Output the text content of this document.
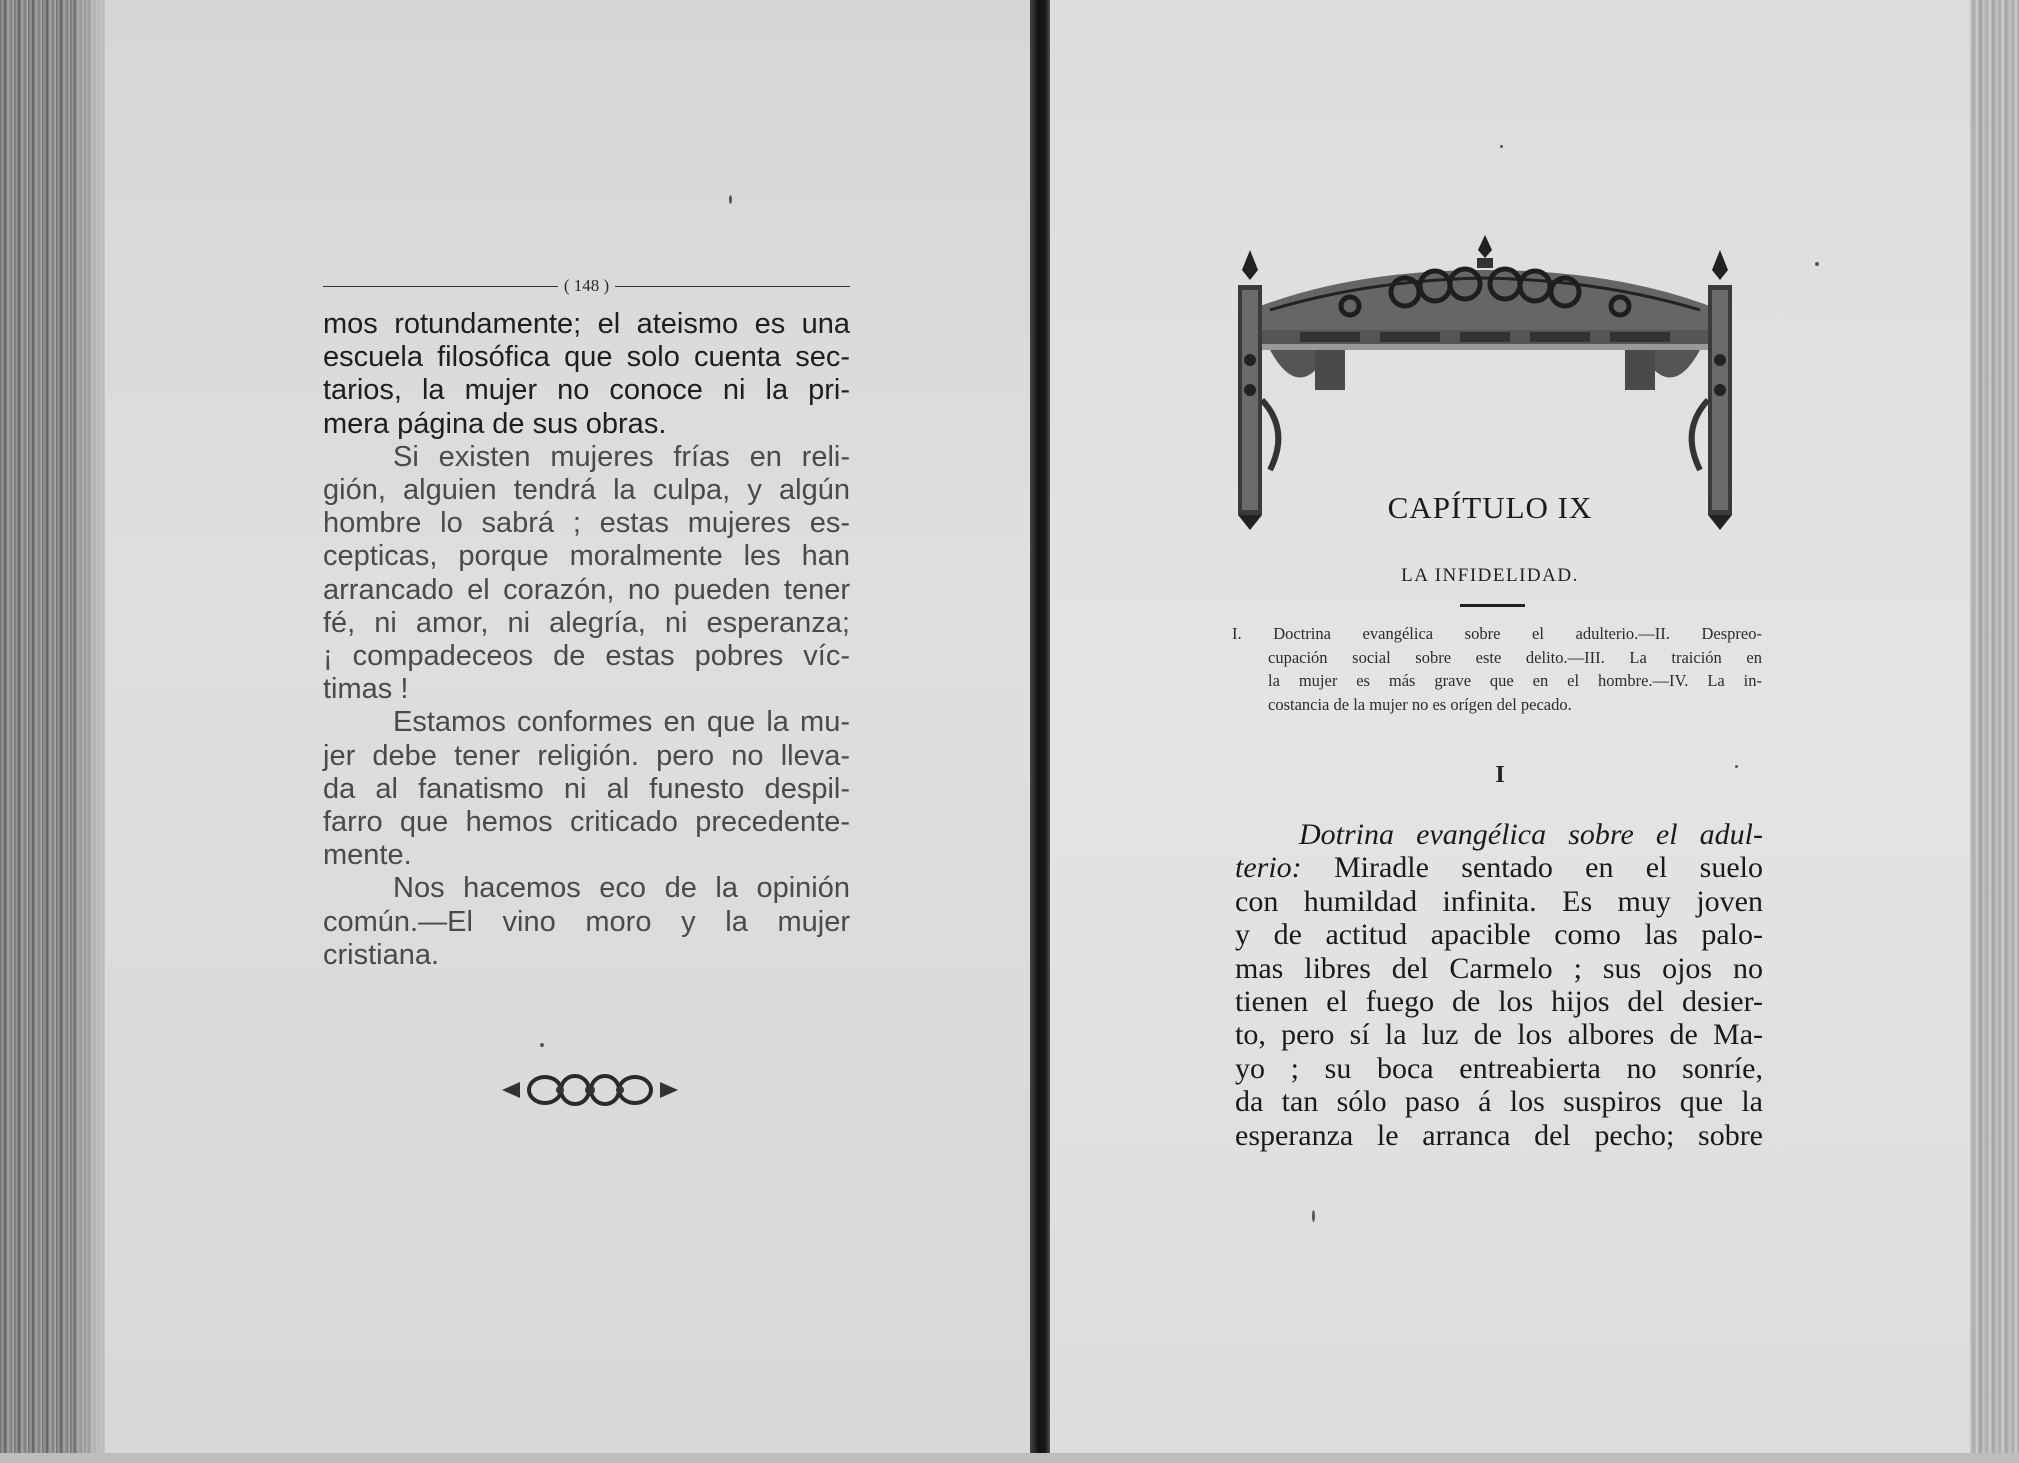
( 148 )
mos rotundamente; el ateismo es una
escuela filosófica que solo cuenta sec-
tarios, la mujer no conoce ni la pri-
mera página de sus obras.
Si existen mujeres frías en reli-
gión, alguien tendrá la culpa, y algún
hombre lo sabrá ; estas mujeres es-
cepticas, porque moralmente les han
arrancado el corazón, no pueden tener
fé, ni amor, ni alegría, ni esperanza;
¡ compadeceos de estas pobres víc-
timas !
Estamos conformes en que la mu-
jer debe tener religión. pero no lleva-
da al fanatismo ni al funesto despil-
farro que hemos criticado precedente-
mente.
Nos hacemos eco de la opinión
común.—El vino moro y la mujer
cristiana.
CAPÍTULO IX
LA INFIDELIDAD.
I. Doctrina evangélica sobre el adulterio.—II. Despreo-
cupación social sobre este delito.—III. La traición en
la mujer es más grave que en el hombre.—IV. La in-
costancia de la mujer no es orígen del pecado.
I
Dotrina evangélica sobre el adul-
terio: Miradle sentado en el suelo
con humildad infinita. Es muy joven
y de actitud apacible como las palo-
mas libres del Carmelo ; sus ojos no
tienen el fuego de los hijos del desier-
to, pero sí la luz de los albores de Ma-
yo ; su boca entreabierta no sonríe,
da tan sólo paso á los suspiros que la
esperanza le arranca del pecho; sobre
